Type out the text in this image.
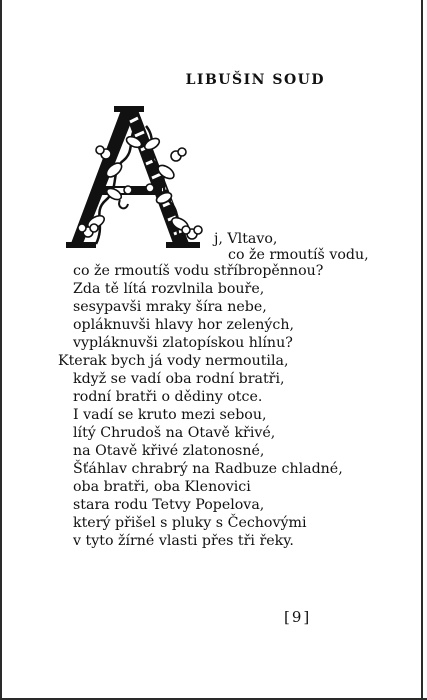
LIBUŠIN SOUD
j, Vltavo,
co že rmoutíš vodu,
co že rmoutíš vodu stříbropěnnou?
Zda tě lítá rozvlnila bouře,
sesypavši mraky šíra nebe,
opláknuvši hlavy hor zelených,
vypláknuvši zlatopískou hlínu?
Kterak bych já vody nermoutila,
když se vadí oba rodní bratři,
rodní bratři o dědiny otce.
I vadí se kruto mezi sebou,
lítý Chrudoš na Otavě křivé,
na Otavě křivé zlatonosné,
Šťáhlav chrabrý na Radbuze chladné,
oba bratři, oba Klenovici
stara rodu Tetvy Popelova,
který přišel s pluky s Čechovými
v tyto žírné vlasti přes tři řeky.
[9]
